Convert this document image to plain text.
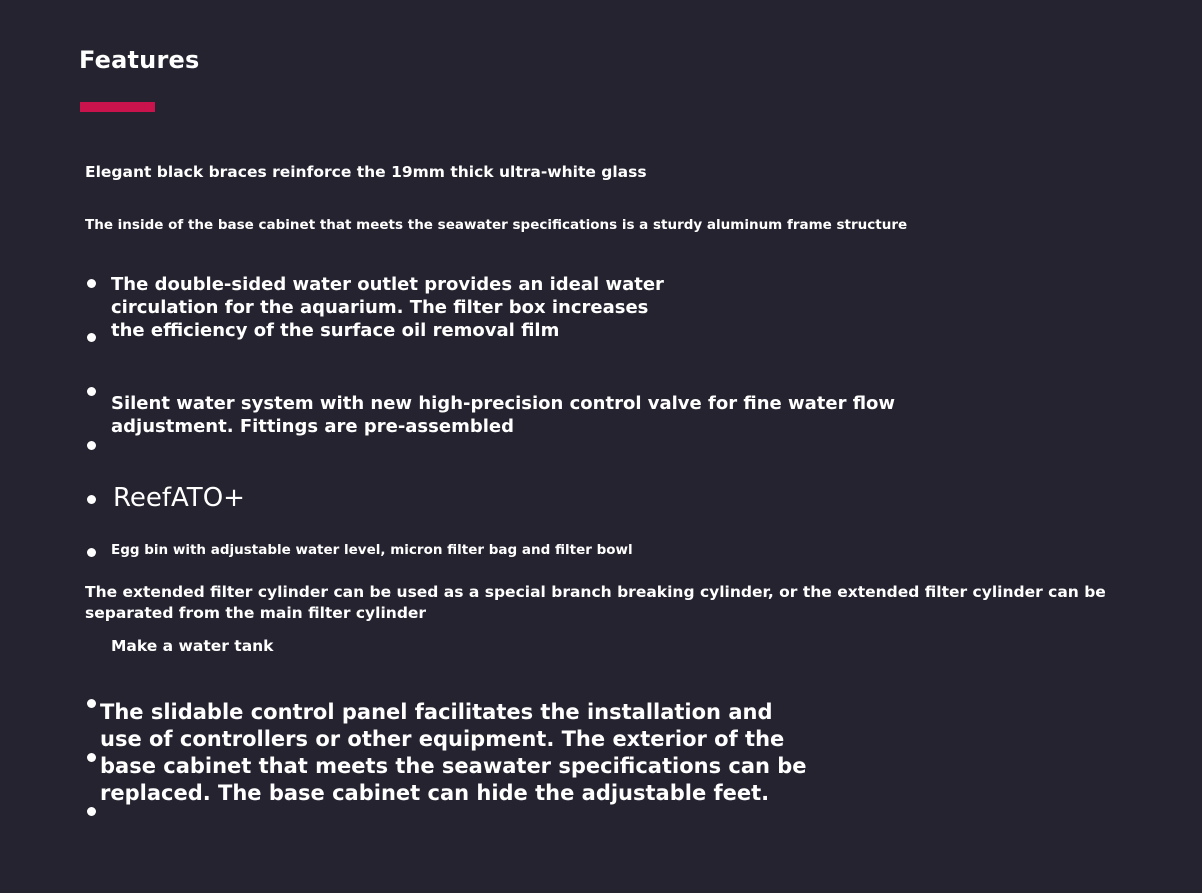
Features
Elegant black braces reinforce the 19mm thick ultra-white glass
The inside of the base cabinet that meets the seawater specifications is a sturdy aluminum frame structure
The double-sided water outlet provides an ideal water
circulation for the aquarium. The filter box increases
the efficiency of the surface oil removal film
Silent water system with new high-precision control valve for fine water flow
adjustment. Fittings are pre-assembled
ReefATO+
Egg bin with adjustable water level, micron filter bag and filter bowl
The extended filter cylinder can be used as a special branch breaking cylinder, or the extended filter cylinder can be
separated from the main filter cylinder
Make a water tank
The slidable control panel facilitates the installation and
use of controllers or other equipment. The exterior of the
base cabinet that meets the seawater specifications can be
replaced. The base cabinet can hide the adjustable feet.
